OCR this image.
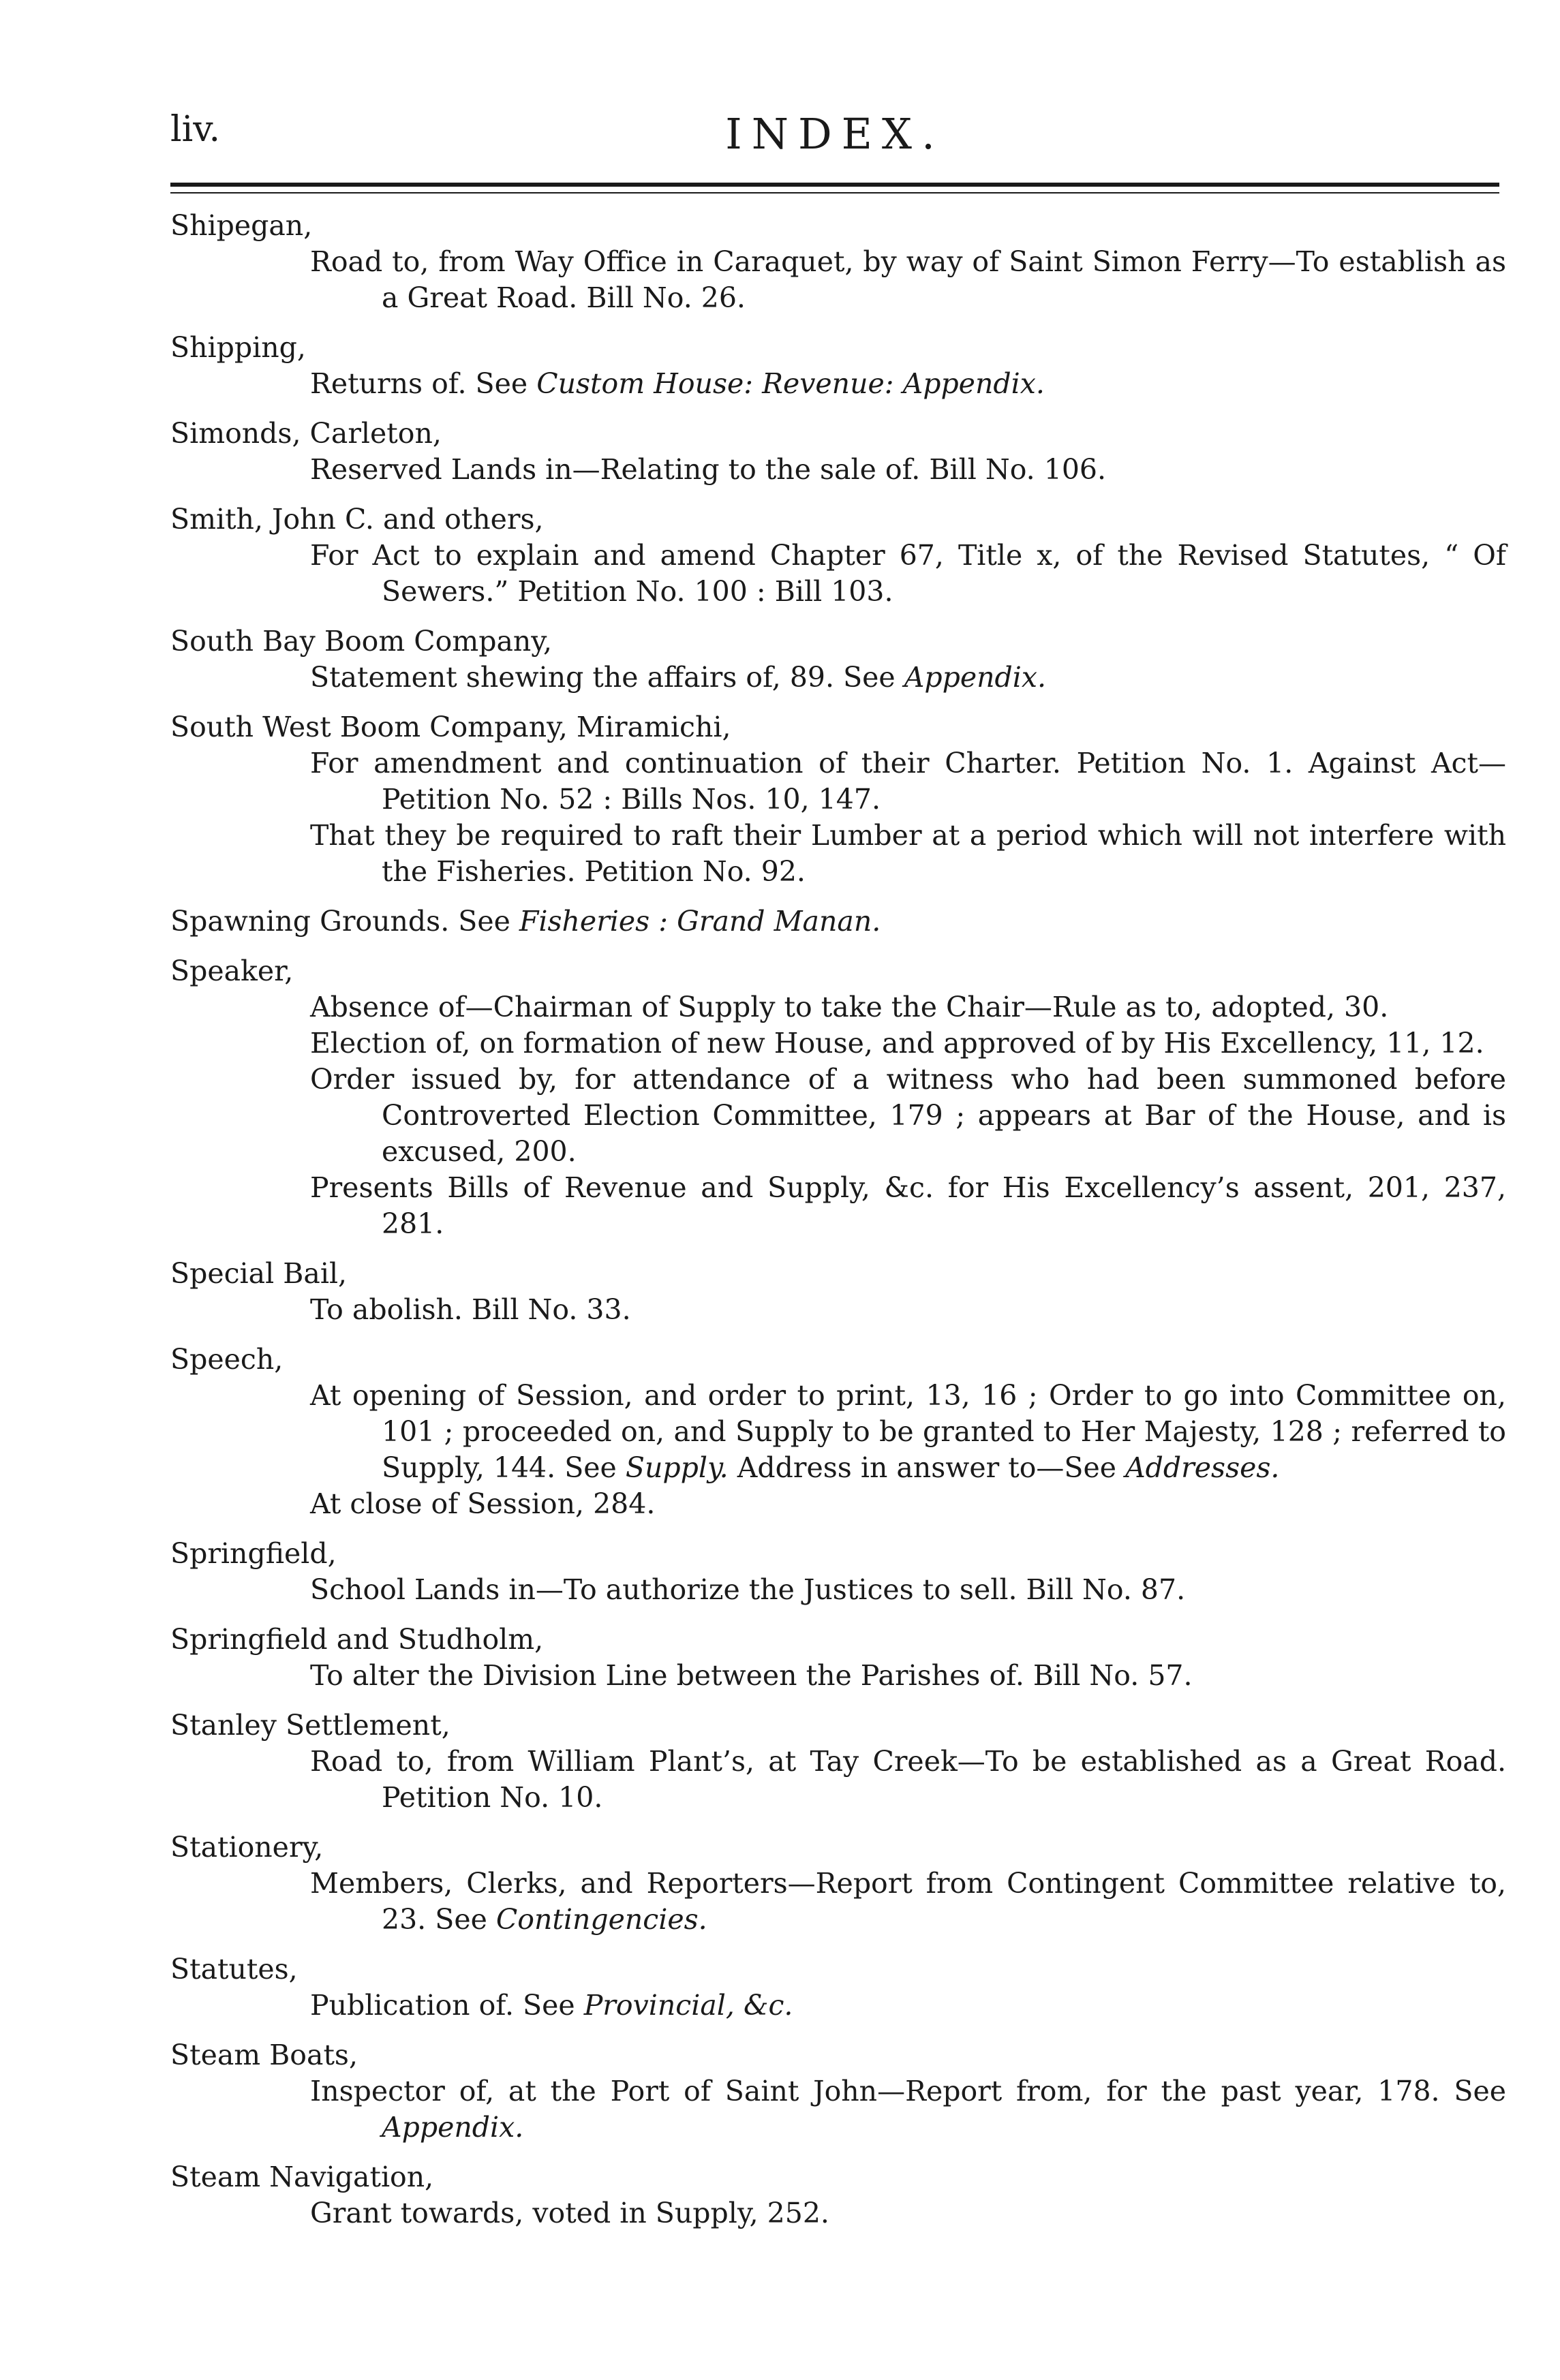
liv.	INDEX.

Shipegan,

Road to, from Way Office in Caraquet, by way of Saint Simon Ferry—To establish as a Great Road. Bill No. 26.

Shipping,

Returns of. See Custom House: Revenue: Appendix.

Simonds, Carleton,

Reserved Lands in—Relating to the sale of. Bill No. 106.

Smith, John C. and others,

For Act to explain and amend Chapter 67, Title x, of the Revised Statutes, “ Of Sewers.” Petition No. 100 : Bill 103.

South Bay Boom Company,

Statement shewing the affairs of, 89. See Appendix.

South West Boom Company, Miramichi,

For amendment and continuation of their Charter. Petition No. 1. Against Act—Petition No. 52 : Bills Nos. 10, 147.

That they be required to raft their Lumber at a period which will not interfere with the Fisheries. Petition No. 92.

Spawning Grounds. See Fisheries : Grand Manan.

Speaker,

Absence of—Chairman of Supply to take the Chair—Rule as to, adopted, 30.

Election of, on formation of new House, and approved of by His Excellency, 11, 12.

Order issued by, for attendance of a witness who had been summoned before Controverted Election Committee, 179 ; appears at Bar of the House, and is excused, 200.

Presents Bills of Revenue and Supply, &c. for His Excellency’s assent, 201, 237, 281.

Special Bail,

To abolish. Bill No. 33.

Speech,

At opening of Session, and order to print, 13, 16 ; Order to go into Committee on, 101 ; proceeded on, and Supply to be granted to Her Majesty, 128 ; referred to Supply, 144. See Supply. Address in answer to—See Addresses.

At close of Session, 284.

Springfield,

School Lands in—To authorize the Justices to sell. Bill No. 87.

Springfield and Studholm,

To alter the Division Line between the Parishes of. Bill No. 57.

Stanley Settlement,

Road to, from William Plant’s, at Tay Creek—To be established as a Great Road. Petition No. 10.

Stationery,

Members, Clerks, and Reporters—Report from Contingent Committee relative to, 23. See Contingencies.

Statutes,

Publication of. See Provincial, &c.

Steam Boats,

Inspector of, at the Port of Saint John—Report from, for the past year, 178. See Appendix.

Steam Navigation,

Grant towards, voted in Supply, 252.
